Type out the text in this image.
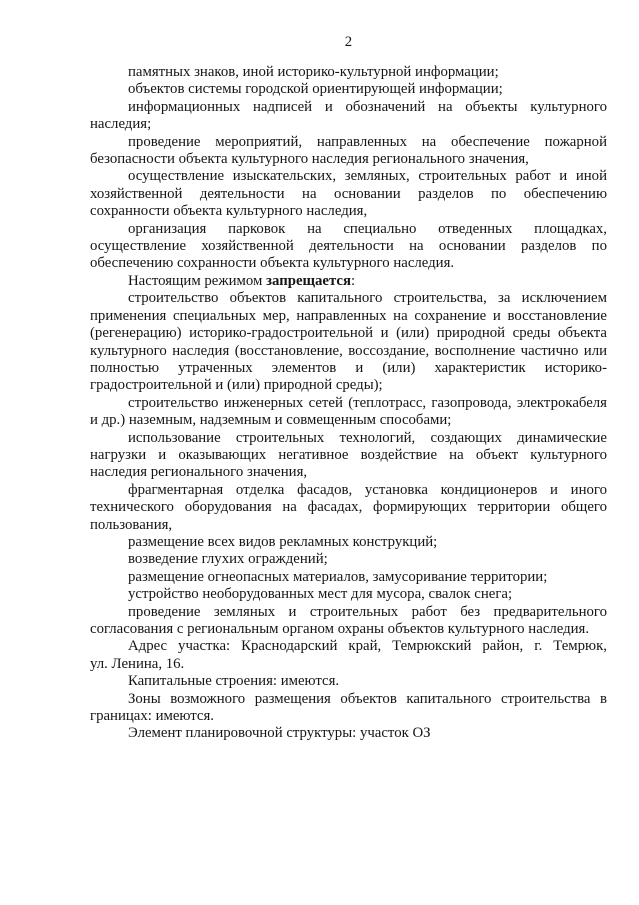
2
памятных знаков, иной историко-культурной информации;
объектов системы городской ориентирующей информации;
информационных надписей и обозначений на объекты культурного
наследия;
проведение мероприятий, направленных на обеспечение пожарной
безопасности объекта культурного наследия регионального значения,
осуществление изыскательских, земляных, строительных работ и иной
хозяйственной деятельности на основании разделов по обеспечению
сохранности объекта культурного наследия,
организация парковок на специально отведенных площадках,
осуществление хозяйственной деятельности на основании разделов по
обеспечению сохранности объекта культурного наследия.
Настоящим режимом запрещается:
строительство объектов капитального строительства, за исключением
применения специальных мер, направленных на сохранение и восстановление
(регенерацию) историко-градостроительной и (или) природной среды объекта
культурного наследия (восстановление, воссоздание, восполнение частично или
полностью утраченных элементов и (или) характеристик историко-
градостроительной и (или) природной среды);
строительство инженерных сетей (теплотрасс, газопровода, электрокабеля
и др.) наземным, надземным и совмещенным способами;
использование строительных технологий, создающих динамические
нагрузки и оказывающих негативное воздействие на объект культурного
наследия регионального значения,
фрагментарная отделка фасадов, установка кондиционеров и иного
технического оборудования на фасадах, формирующих территории общего
пользования,
размещение всех видов рекламных конструкций;
возведение глухих ограждений;
размещение огнеопасных материалов, замусоривание территории;
устройство необорудованных мест для мусора, свалок снега;
проведение земляных и строительных работ без предварительного
согласования с региональным органом охраны объектов культурного наследия.
Адрес участка: Краснодарский край, Темрюкский район, г. Темрюк,
ул. Ленина, 16.
Капитальные строения: имеются.
Зоны возможного размещения объектов капитального строительства в
границах: имеются.
Элемент планировочной структуры: участок ОЗ
